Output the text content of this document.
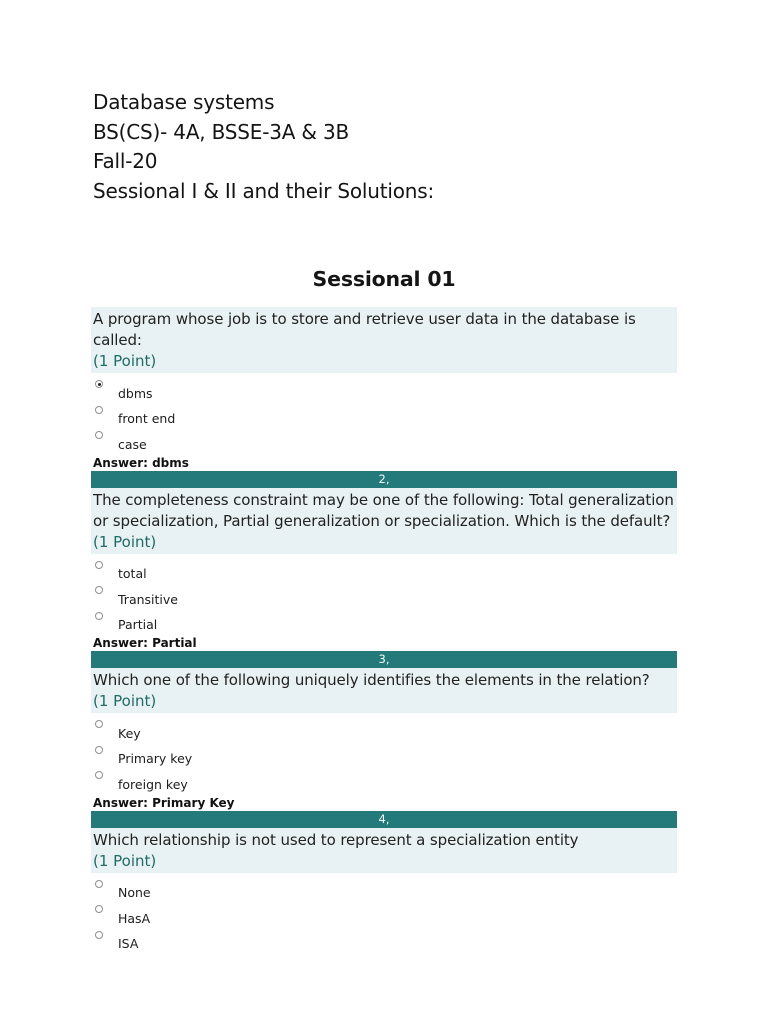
Database systems
BS(CS)- 4A, BSSE-3A & 3B
Fall-20
Sessional I & II and their Solutions:
Sessional 01
A program whose job is to store and retrieve user data in the database is called:
(1 Point)
dbms
front end
case
Answer: dbms
2,
The completeness constraint may be one of the following: Total generalization or specialization, Partial generalization or specialization. Which is the default?
(1 Point)
total
Transitive
Partial
Answer: Partial
3,
Which one of the following uniquely identifies the elements in the relation?
(1 Point)
Key
Primary key
foreign key
Answer: Primary Key
4,
Which relationship is not used to represent a specialization entity
(1 Point)
None
HasA
ISA
